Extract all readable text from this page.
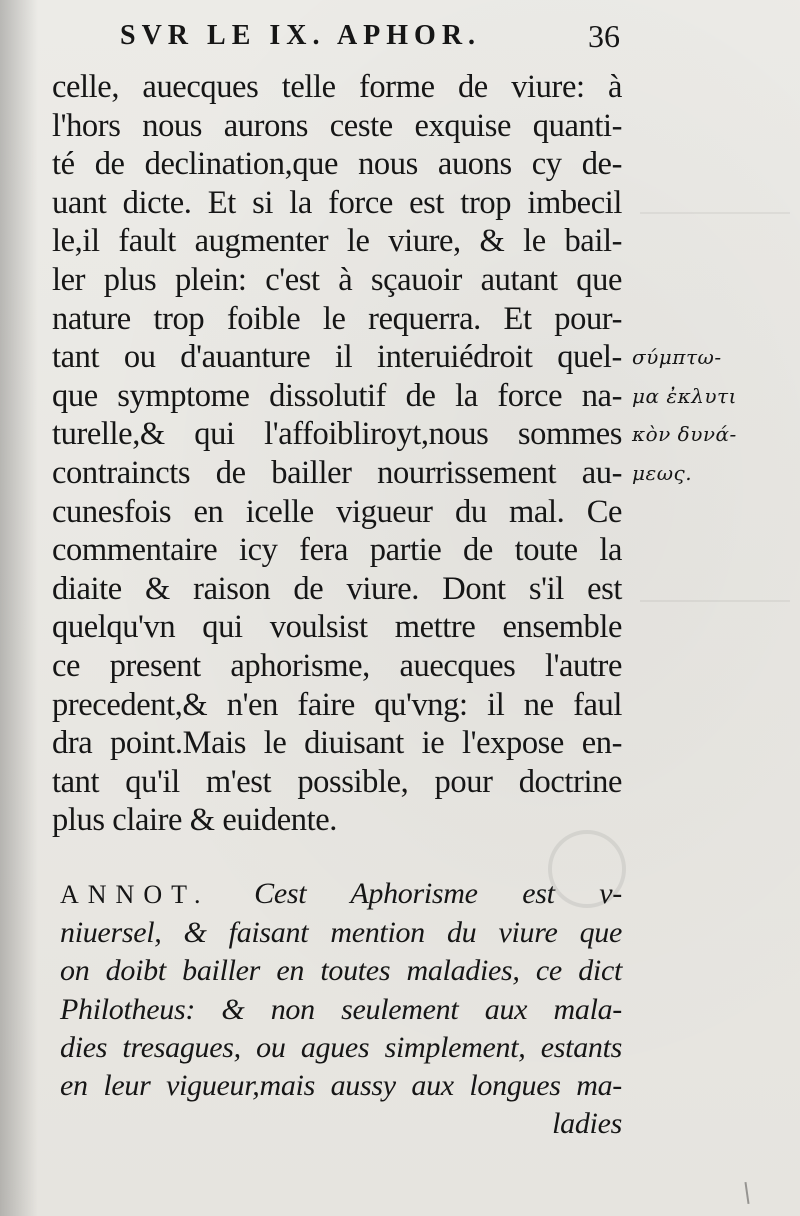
SVR LE IX. APHOR.	36
celle, auecques telle forme de viure: à
l'hors nous aurons ceste exquise quanti-
té de declination,que nous auons cy de-
uant dicte. Et si la force est trop imbecil
le,il fault augmenter le viure, & le bail-
ler plus plein: c'est à sçauoir autant que
nature trop foible le requerra. Et pour-
tant ou d'auanture il interuiédroit quel-
que symptome dissolutif de la force na-
turelle,& qui l'affoibliroyt,nous sommes
contraincts de bailler nourrissement au-
cunesfois en icelle vigueur du mal. Ce
commentaire icy fera partie de toute la
diaite & raison de viure. Dont s'il est
quelqu'vn qui voulsist mettre ensemble
ce present aphorisme, auecques l'autre
precedent,& n'en faire qu'vng: il ne faul
dra point.Mais le diuisant ie l'expose en-
tant qu'il m'est possible, pour doctrine
plus claire & euidente.
σύμπτω-
μα ἐκλυτι
κὸν δυνά-
μεως.
ANNOT. Cest Aphorisme est v-
niuersel, & faisant mention du viure que
on doibt bailler en toutes maladies, ce dict
Philotheus: & non seulement aux mala-
dies tresagues, ou agues simplement, estants
en leur vigueur,mais aussy aux longues ma-
ladies
